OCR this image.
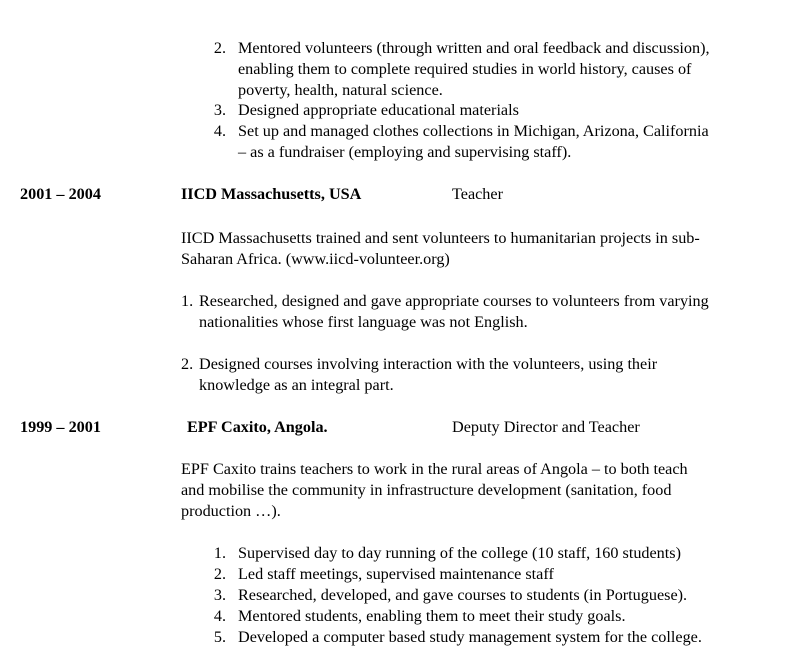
2. Mentored volunteers (through written and oral feedback and discussion),
enabling them to complete required studies in world history, causes of
poverty, health, natural science.
3. Designed appropriate educational materials
4. Set up and managed clothes collections in Michigan, Arizona, California
– as a fundraiser (employing and supervising staff).
2001 – 2004	IICD Massachusetts, USA	Teacher
IICD Massachusetts trained and sent volunteers to humanitarian projects in sub-
Saharan Africa. (www.iicd-volunteer.org)
1. Researched, designed and gave appropriate courses to volunteers from varying
nationalities whose first language was not English.
2. Designed courses involving interaction with the volunteers, using their
knowledge as an integral part.
1999 – 2001	EPF Caxito, Angola.	Deputy Director and Teacher
EPF Caxito trains teachers to work in the rural areas of Angola – to both teach
and mobilise the community in infrastructure development (sanitation, food
production …).
1. Supervised day to day running of the college (10 staff, 160 students)
2. Led staff meetings, supervised maintenance staff
3. Researched, developed, and gave courses to students (in Portuguese).
4. Mentored students, enabling them to meet their study goals.
5. Developed a computer based study management system for the college.
